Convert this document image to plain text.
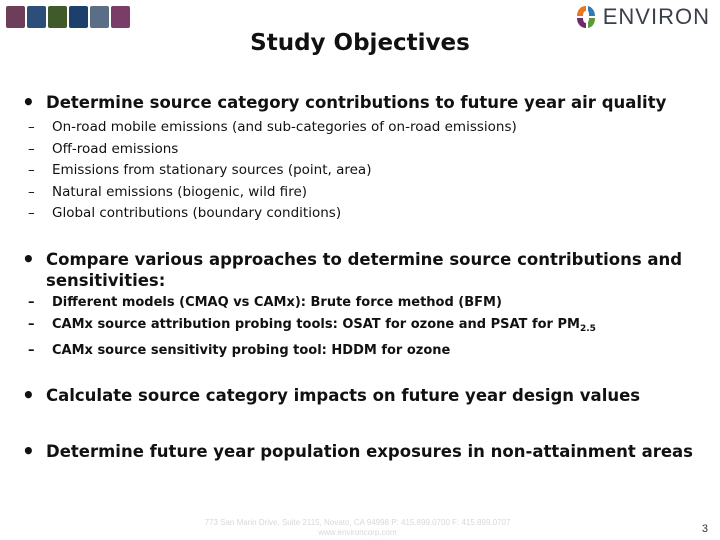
ENVIRON
Study Objectives
• Determine source category contributions to future year air quality
– On-road mobile emissions (and sub-categories of on-road emissions)
– Off-road emissions
– Emissions from stationary sources (point, area)
– Natural emissions (biogenic, wild fire)
– Global contributions (boundary conditions)
• Compare various approaches to determine source contributions and sensitivities:
– Different models (CMAQ vs CAMx): Brute force method (BFM)
– CAMx source attribution probing tools: OSAT for ozone and PSAT for $PM_{2.5}$
– CAMx source sensitivity probing tool: HDDM for ozone
• Calculate source category impacts on future year design values
• Determine future year population exposures in non-attainment areas
773 San Marin Drive, Suite 2115, Novato, CA 94998 P: 415.899.0700 F: 415.899.0707
www.environcorp.com	3
